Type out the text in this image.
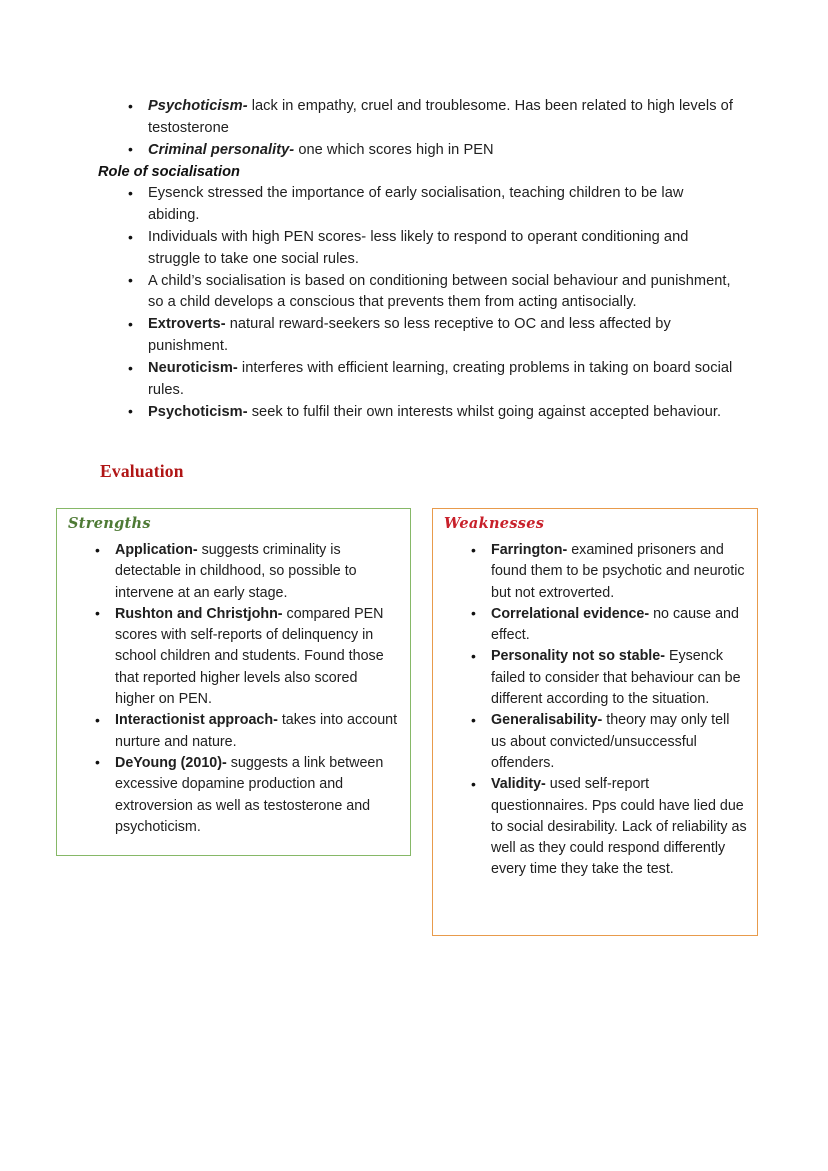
• Psychoticism- lack in empathy, cruel and troublesome. Has been related to high levels of testosterone
• Criminal personality- one which scores high in PEN

Role of socialisation

• Eysenck stressed the importance of early socialisation, teaching children to be law abiding.
• Individuals with high PEN scores- less likely to respond to operant conditioning and struggle to take one social rules.
• A child’s socialisation is based on conditioning between social behaviour and punishment, so a child develops a conscious that prevents them from acting antisocially.
• Extroverts- natural reward-seekers so less receptive to OC and less affected by punishment.
• Neuroticism- interferes with efficient learning, creating problems in taking on board social rules.
• Psychoticism- seek to fulfil their own interests whilst going against accepted behaviour.
Evaluation
Strengths
• Application- suggests criminality is detectable in childhood, so possible to intervene at an early stage.
• Rushton and Christjohn- compared PEN scores with self-reports of delinquency in school children and students. Found those that reported higher levels also scored higher on PEN.
• Interactionist approach- takes into account nurture and nature.
• DeYoung (2010)- suggests a link between excessive dopamine production and extroversion as well as testosterone and psychoticism.
Weaknesses
• Farrington- examined prisoners and found them to be psychotic and neurotic but not extroverted.
• Correlational evidence- no cause and effect.
• Personality not so stable- Eysenck failed to consider that behaviour can be different according to the situation.
• Generalisability- theory may only tell us about convicted/unsuccessful offenders.
• Validity- used self-report questionnaires. Pps could have lied due to social desirability. Lack of reliability as well as they could respond differently every time they take the test.
